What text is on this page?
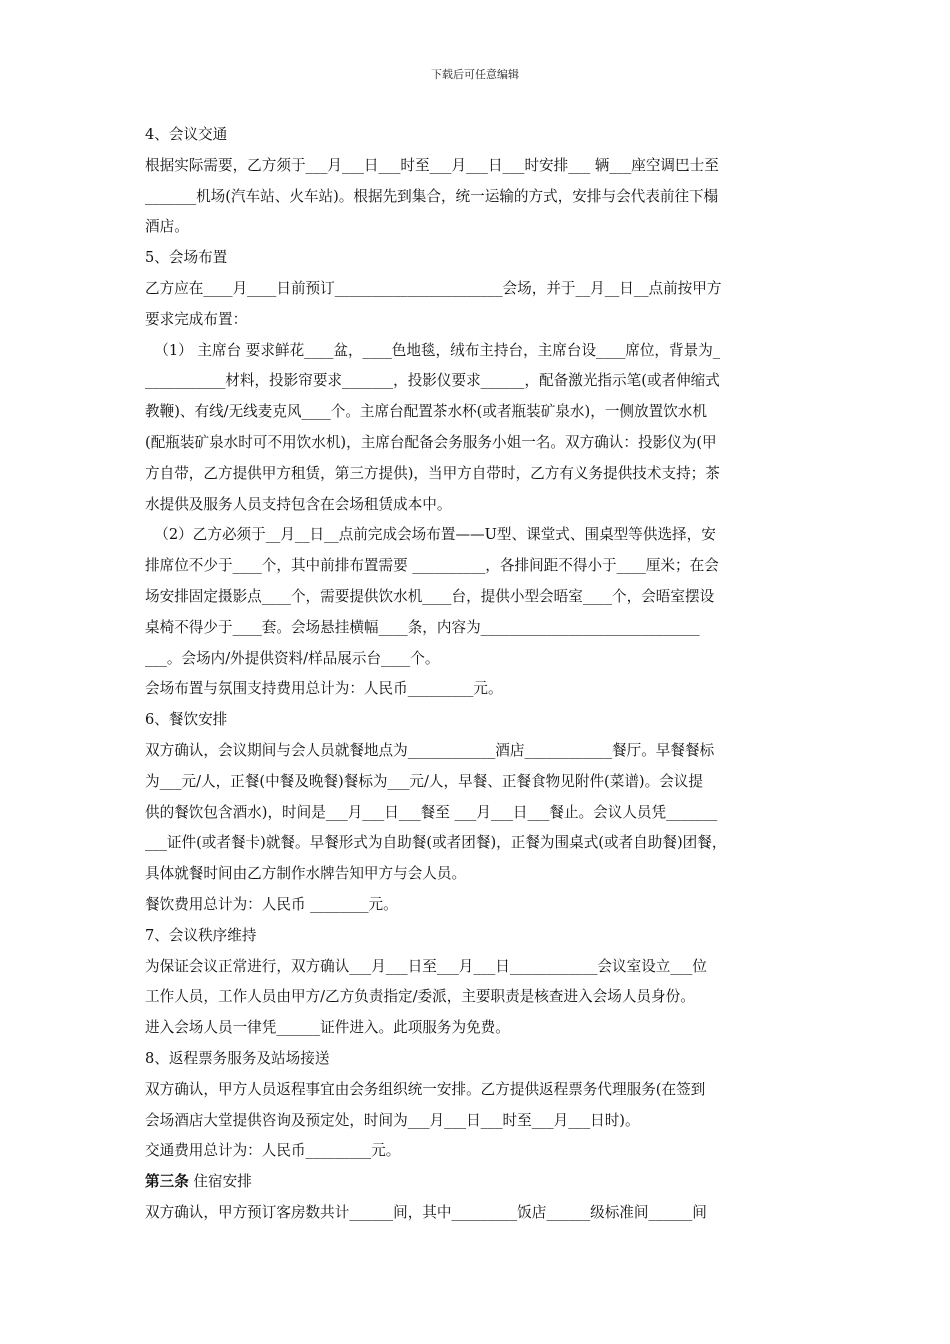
下载后可任意编辑
4、会议交通
根据实际需要，乙方须于___月___日___时至___月___日___时安排___ 辆___座空调巴士至
_______机场(汽车站、火车站)。根据先到集合，统一运输的方式，安排与会代表前往下榻
酒店。
5、会场布置
乙方应在____月____日前预订_______________________会场，并于__月__日__点前按甲方
要求完成布置：
（1） 主席台 要求鲜花____盆，____色地毯，绒布主持台，主席台设____席位，背景为_
___________材料，投影帘要求_______，投影仪要求______，配备激光指示笔(或者伸缩式
教鞭)、有线/无线麦克风____个。主席台配置茶水杯(或者瓶装矿泉水)，一侧放置饮水机
(配瓶装矿泉水时可不用饮水机)，主席台配备会务服务小姐一名。双方确认：投影仪为(甲
方自带，乙方提供甲方租赁，第三方提供)，当甲方自带时，乙方有义务提供技术支持；茶
水提供及服务人员支持包含在会场租赁成本中。
（2）乙方必须于__月__日__点前完成会场布置——U型、课堂式、围桌型等供选择，安
排席位不少于____个，其中前排布置需要 __________，各排间距不得小于____厘米；在会
场安排固定摄影点____个，需要提供饮水机____台，提供小型会晤室____个，会晤室摆设
桌椅不得少于____套。会场悬挂横幅____条，内容为______________________________
___。会场内/外提供资料/样品展示台____个。
会场布置与氛围支持费用总计为：人民币_________元。
6、餐饮安排
双方确认，会议期间与会人员就餐地点为____________酒店____________餐厅。早餐餐标
为___元/人，正餐(中餐及晚餐)餐标为___元/人，早餐、正餐食物见附件(菜谱)。会议提
供的餐饮包含酒水)，时间是___月___日___餐至 ___月___日___餐止。会议人员凭_______
___证件(或者餐卡)就餐。早餐形式为自助餐(或者团餐)，正餐为围桌式(或者自助餐)团餐，
具体就餐时间由乙方制作水牌告知甲方与会人员。
餐饮费用总计为：人民币 ________元。
7、会议秩序维持
为保证会议正常进行，双方确认___月___日至___月___日____________会议室设立___位
工作人员，工作人员由甲方/乙方负责指定/委派，主要职责是核查进入会场人员身份。
进入会场人员一律凭______证件进入。此项服务为免费。
8、返程票务服务及站场接送
双方确认，甲方人员返程事宜由会务组织统一安排。乙方提供返程票务代理服务(在签到
会场酒店大堂提供咨询及预定处，时间为___月___日___时至___月___日时)。
交通费用总计为：人民币_________元。
第三条 住宿安排
双方确认，甲方预订客房数共计______间，其中_________饭店______级标准间______间
